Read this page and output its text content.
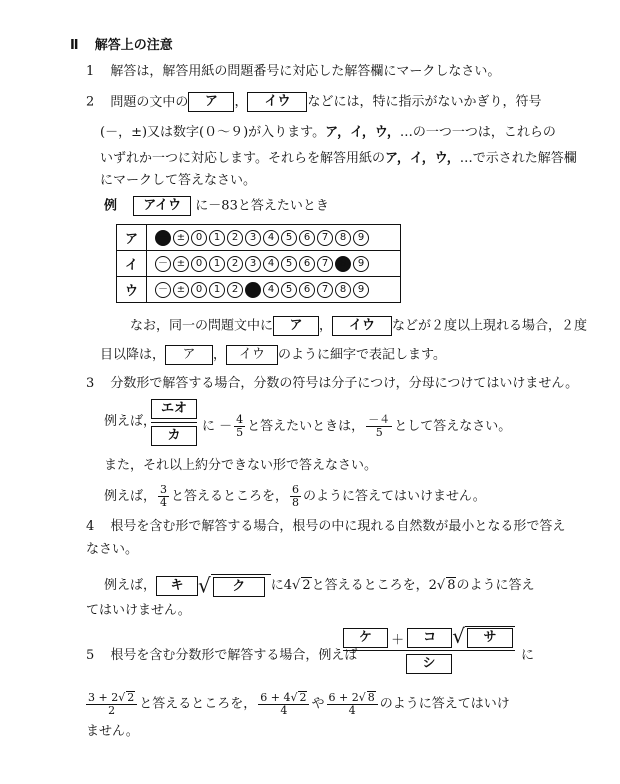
Ⅱ 解答上の注意
1 解答は，解答用紙の問題番号に対応した解答欄にマークしなさい。
2 問題の文中の ア ， イウ などには，特に指示がないかぎり，符号
(－，±)又は数字(０～９)が入ります。ア，イ，ウ，…の一つ一つは，これらの
いずれか一つに対応します。それらを解答用紙のア，イ，ウ，…で示された解答欄
にマークして答えなさい。
例 アイウ に－83と答えたいとき
ア	－ ± 0 1 2 3 4 5 6 7 8 9
イ	－ ± 0 1 2 3 4 5 6 7 8 9
ウ	－ ± 0 1 2 3 4 5 6 7 8 9
なお，同一の問題文中に ア ， イウ などが２度以上現れる場合，２度
目以降は， ア ， イウ のように細字で表記します。
3 分数形で解答する場合，分数の符号は分子につけ，分母につけてはいけません。
例えば，
エオ
カ
に － $\frac{4}{5}$ と答えたいときは， $\frac{-4}{5}$ として答えなさい。
また，それ以上約分できない形で答えなさい。
例えば， $\frac{3}{4}$ と答えるところを， $\frac{6}{8}$ のように答えてはいけません。
4 根号を含む形で解答する場合，根号の中に現れる自然数が最小となる形で答え
なさい。
例えば， キ √ ク に4√ 2と答えるところを，2√ 8のように答え
てはいけません。
5 根号を含む分数形で解答する場合，例えば
ケ	＋	コ √	サ
シ
に
$\frac{3 + 2√ 2}{2}$ と答えるところを， $\frac{6 + 4√ 2}{4}$ や $\frac{6 + 2√ 8}{4}$ のように答えてはいけ
ません。
